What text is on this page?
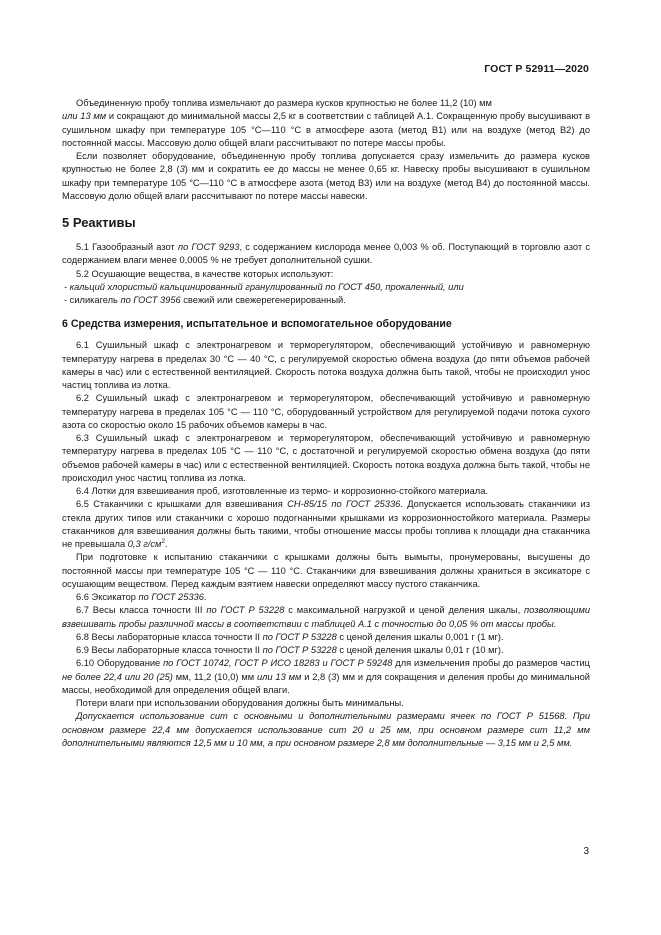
ГОСТ Р 52911—2020

Объединенную пробу топлива измельчают до размера кусков крупностью не более 11,2 (10) мм
или 13 мм и сокращают до минимальной массы 2,5 кг в соответствии с таблицей А.1. Сокращенную пробу высушивают в сушильном шкафу при температуре 105 °С—110 °С в атмосфере азота (метод В1) или на воздухе (метод В2) до постоянной массы. Массовую долю общей влаги рассчитывают по потере массы пробы.

Если позволяет оборудование, объединенную пробу топлива допускается сразу измельчить до размера кусков крупностью не более 2,8 (3) мм и сократить ее до массы не менее 0,65 кг. Навеску пробы высушивают в сушильном шкафу при температуре 105 °С—110 °С в атмосфере азота (метод В3) или на воздухе (метод В4) до постоянной массы. Массовую долю общей влаги рассчитывают по потере массы навески.

5 Реактивы

5.1 Газообразный азот по ГОСТ 9293, с содержанием кислорода менее 0,003 % об. Поступающий в торговлю азот с содержанием влаги менее 0,0005 % не требует дополнительной сушки.

5.2 Осушающие вещества, в качестве которых используют:

- кальций хлористый кальцинированный гранулированный по ГОСТ 450, прокаленный, или

- силикагель по ГОСТ 3956 свежий или свежерегенерированный.

6 Средства измерения, испытательное и вспомогательное оборудование

6.1 Сушильный шкаф с электронагревом и терморегулятором, обеспечивающий устойчивую и равномерную температуру нагрева в пределах 30 °С — 40 °С, с регулируемой скоростью обмена воздуха (до пяти объемов рабочей камеры в час) или с естественной вентиляцией. Скорость потока воздуха должна быть такой, чтобы не происходил унос частиц топлива из лотка.

6.2 Сушильный шкаф с электронагревом и терморегулятором, обеспечивающий устойчивую и равномерную температуру нагрева в пределах 105 °С — 110 °С, оборудованный устройством для регулируемой подачи потока сухого азота со скоростью около 15 рабочих объемов камеры в час.

6.3 Сушильный шкаф с электронагревом и терморегулятором, обеспечивающий устойчивую и равномерную температуру нагрева в пределах 105 °С — 110 °С, с достаточной и регулируемой скоростью обмена воздуха (до пяти объемов рабочей камеры в час) или с естественной вентиляцией. Скорость потока воздуха должна быть такой, чтобы не происходил унос частиц топлива из лотка.

6.4 Лотки для взвешивания проб, изготовленные из термо- и коррозионно-стойкого материала.

6.5 Стаканчики с крышками для взвешивания СН-85/15 по ГОСТ 25336. Допускается использовать стаканчики из стекла других типов или стаканчики с хорошо подогнанными крышками из коррозионностойкого материала. Размеры стаканчиков для взвешивания должны быть такими, чтобы отношение массы пробы топлива к площади дна стаканчика не превышала 0,3 $г/см^2$.

При подготовке к испытанию стаканчики с крышками должны быть вымыты, пронумерованы, высушены до постоянной массы при температуре 105 °С — 110 °С. Стаканчики для взвешивания должны храниться в эксикаторе с осушающим веществом. Перед каждым взятием навески определяют массу пустого стаканчика.

6.6 Эксикатор по ГОСТ 25336.

6.7 Весы класса точности III по ГОСТ Р 53228 с максимальной нагрузкой и ценой деления шкалы, позволяющими взвешивать пробы различной массы в соответствии с таблицей А.1 с точностью до 0,05 % от массы пробы.

6.8 Весы лабораторные класса точности II по ГОСТ Р 53228 с ценой деления шкалы 0,001 г (1 мг).

6.9 Весы лабораторные класса точности II по ГОСТ Р 53228 с ценой деления шкалы 0,01 г (10 мг).

6.10 Оборудование по ГОСТ 10742, ГОСТ Р ИСО 18283 и ГОСТ Р 59248 для измельчения пробы до размеров частиц не более 22,4 или 20 (25) мм, 11,2 (10,0) мм или 13 мм и 2,8 (3) мм и для сокращения и деления пробы до минимальной массы, необходимой для определения общей влаги.

Потери влаги при использовании оборудования должны быть минимальны.

Допускается использование сит с основными и дополнительными размерами ячеек по ГОСТ Р 51568. При основном размере 22,4 мм допускается использование сит 20 и 25 мм, при основном размере сит 11,2 мм дополнительными являются 12,5 мм и 10 мм, а при основном размере 2,8 мм дополнительные — 3,15 мм и 2,5 мм.

3
